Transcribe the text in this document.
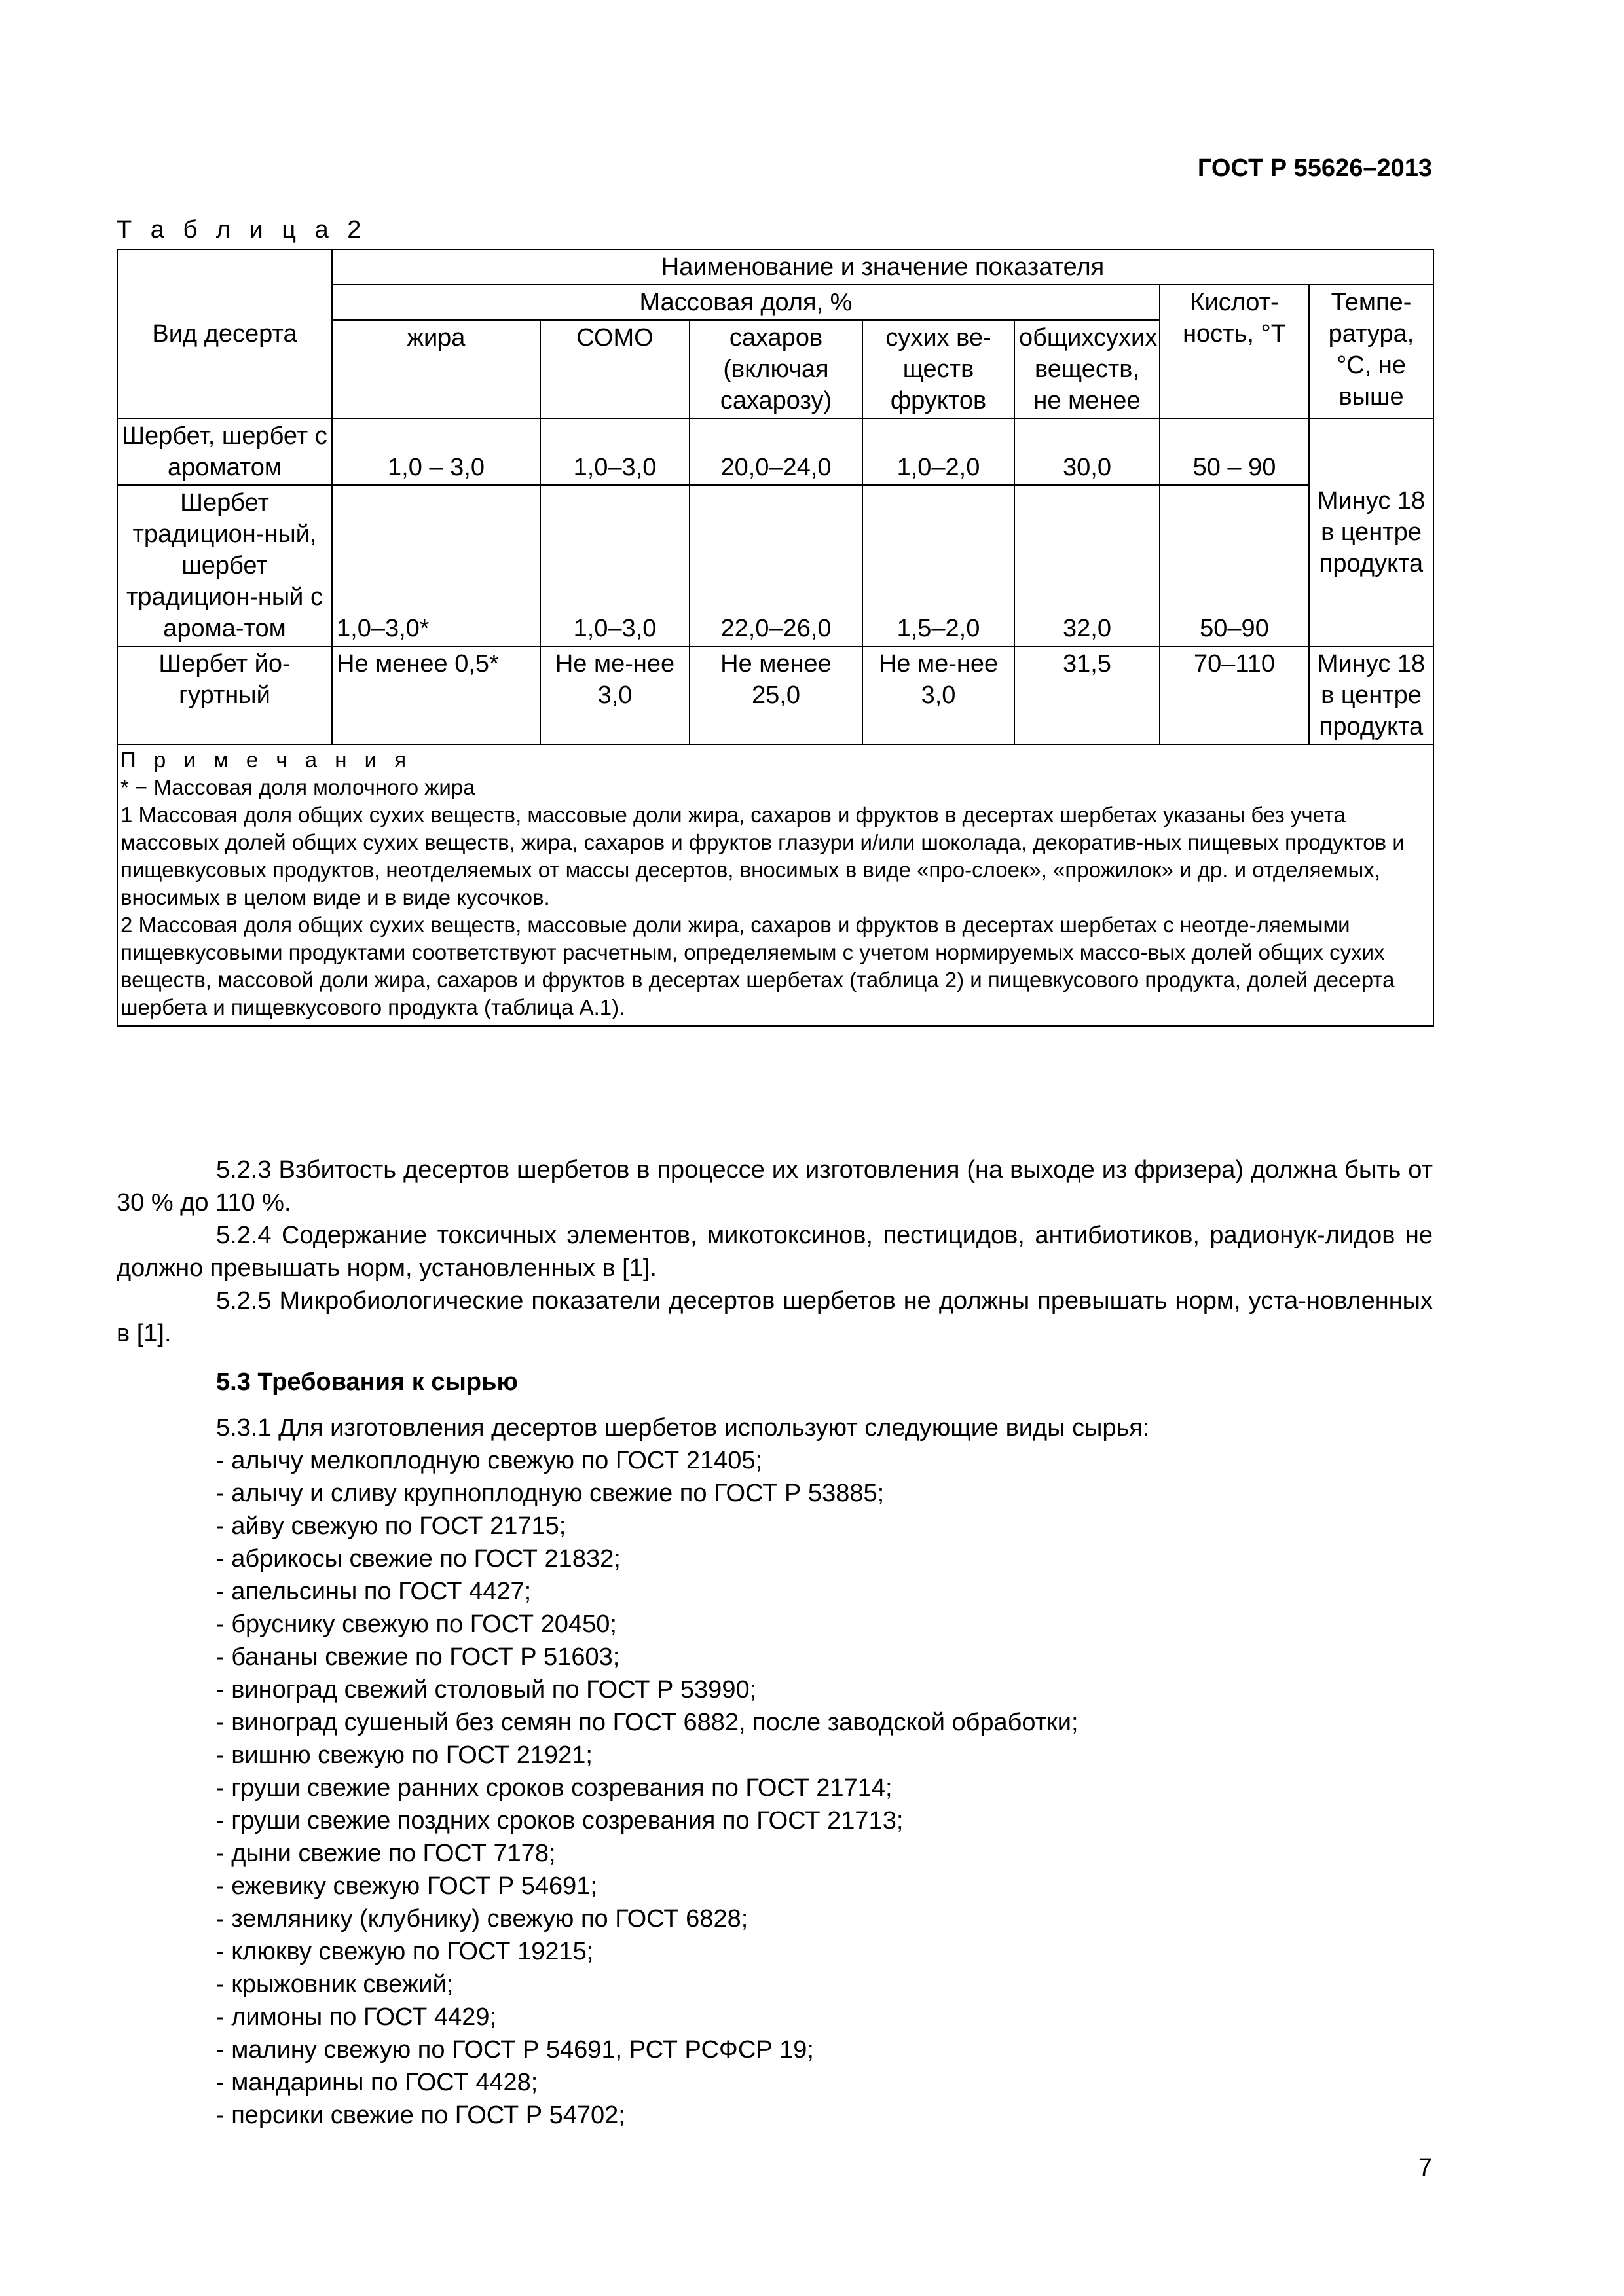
ГОСТ Р 55626–2013
Т а б л и ц а 2
Вид десерта	Наименование и значение показателя						
	Массовая доля, %					Кислот-ность, °Т	Темпе-ратура, °С, не выше
	жира	СОМО	сахаров (включая сахарозу)	сухих ве-ществ фруктов	общихсухих веществ, не менее		
Шербет, шербет с ароматом	1,0 – 3,0	1,0–3,0	20,0–24,0	1,0–2,0	30,0	50 – 90	Минус 18 в центре продукта
Шербет традицион-ный, шербет традицион-ный с арома-том	1,0–3,0*	1,0–3,0	22,0–26,0	1,5–2,0	32,0	50–90	
Шербет йо-гуртный	Не менее 0,5*	Не ме-нее 3,0	Не менее 25,0	Не ме-нее 3,0	31,5	70–110	Минус 18 в центре продукта

П р и м е ч а н и я
* − Массовая доля молочного жира
1 Массовая доля общих сухих веществ, массовые доли жира, сахаров и фруктов в десертах шербетах указаны без учета массовых долей общих сухих веществ, жира, сахаров и фруктов глазури и/или шоколада, декоратив-ных пищевых продуктов и пищевкусовых продуктов, неотделяемых от массы десертов, вносимых в виде «про-слоек», «прожилок» и др. и отделяемых, вносимых в целом виде и в виде кусочков.
2 Массовая доля общих сухих веществ, массовые доли жира, сахаров и фруктов в десертах шербетах с неотде-ляемыми пищевкусовыми продуктами соответствуют расчетным, определяемым с учетом нормируемых массо-вых долей общих сухих веществ, массовой доли жира, сахаров и фруктов в десертах шербетах (таблица 2) и пищевкусового продукта, долей десерта шербета и пищевкусового продукта (таблица А.1).							

5.2.3 Взбитость десертов шербетов в процессе их изготовления (на выходе из фризера) должна быть от 30 % до 110 %.

5.2.4 Содержание токсичных элементов, микотоксинов, пестицидов, антибиотиков, радионук-лидов не должно превышать норм, установленных в [1].

5.2.5 Микробиологические показатели десертов шербетов не должны превышать норм, уста-новленных в [1].

5.3 Требования к сырью
5.3.1 Для изготовления десертов шербетов используют следующие виды сырья:
- алычу мелкоплодную свежую по ГОСТ 21405;
- алычу и сливу крупноплодную свежие по ГОСТ Р 53885;
- айву свежую по ГОСТ 21715;
- абрикосы свежие по ГОСТ 21832;
- апельсины по ГОСТ 4427;
- бруснику свежую по ГОСТ 20450;
- бананы свежие по ГОСТ Р 51603;
- виноград свежий столовый по ГОСТ Р 53990;
- виноград сушеный без семян по ГОСТ 6882, после заводской обработки;
- вишню свежую по ГОСТ 21921;
- груши свежие ранних сроков созревания по ГОСТ 21714;
- груши свежие поздних сроков созревания по ГОСТ 21713;
- дыни свежие по ГОСТ 7178;
- ежевику свежую ГОСТ Р 54691;
- землянику (клубнику) свежую по ГОСТ 6828;
- клюкву свежую по ГОСТ 19215;
- крыжовник свежий;
- лимоны по ГОСТ 4429;
- малину свежую по ГОСТ Р 54691, РСТ РСФСР 19;
- мандарины по ГОСТ 4428;
- персики свежие по ГОСТ Р 54702;
7
